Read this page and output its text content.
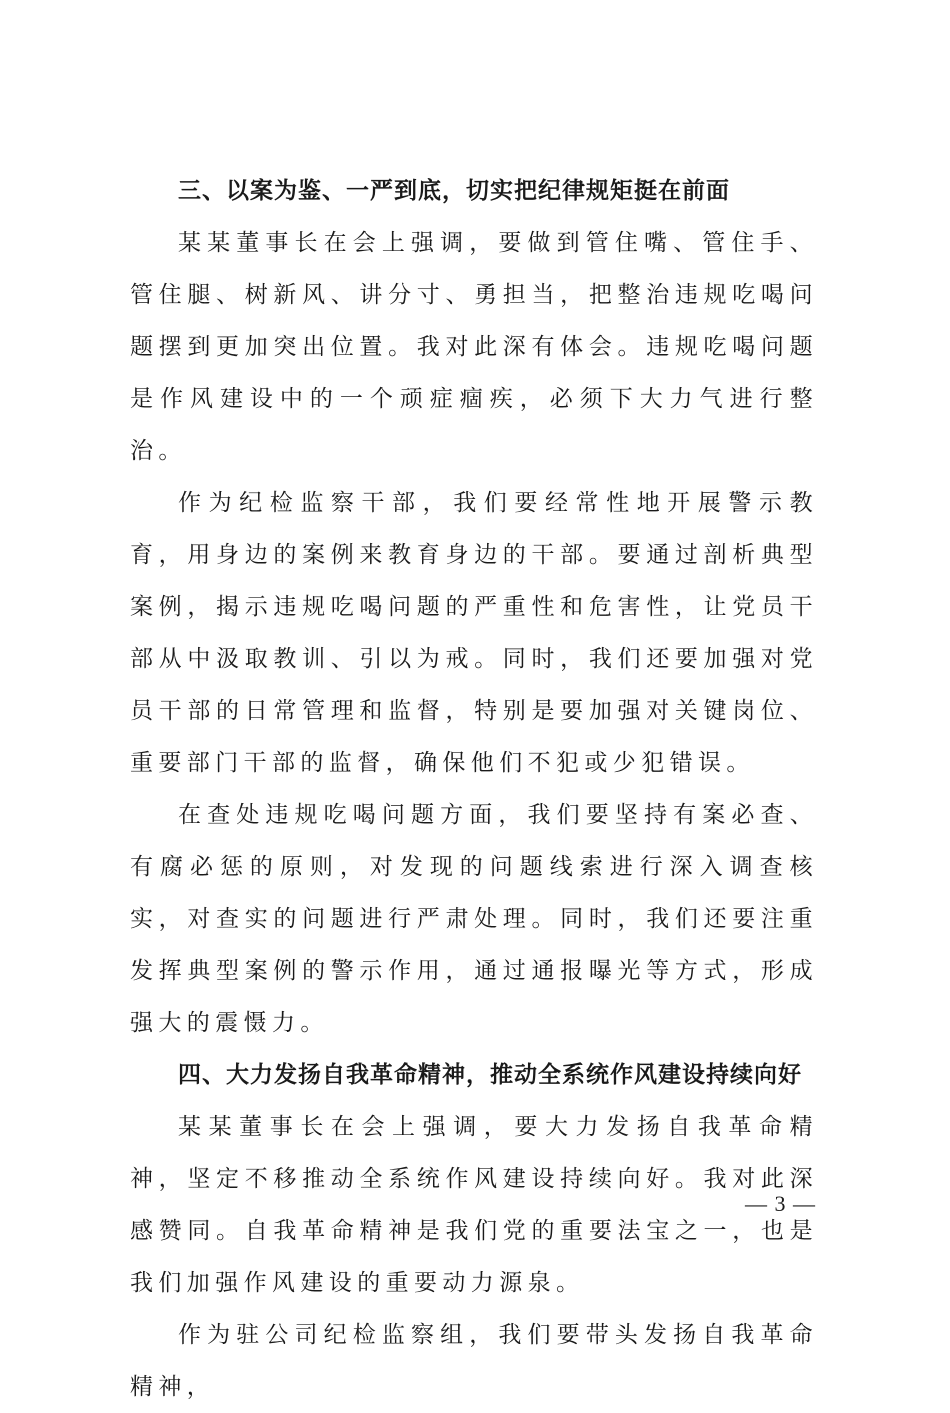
三、以案为鉴、一严到底，切实把纪律规矩挺在前面

某某董事长在会上强调，要做到管住嘴、管住手、管住腿、树新风、讲分寸、勇担当，把整治违规吃喝问题摆到更加突出位置。我对此深有体会。违规吃喝问题是作风建设中的一个顽症痼疾，必须下大力气进行整治。

作为纪检监察干部，我们要经常性地开展警示教育，用身边的案例来教育身边的干部。要通过剖析典型案例，揭示违规吃喝问题的严重性和危害性，让党员干部从中汲取教训、引以为戒。同时，我们还要加强对党员干部的日常管理和监督，特别是要加强对关键岗位、重要部门干部的监督，确保他们不犯或少犯错误。

在查处违规吃喝问题方面，我们要坚持有案必查、有腐必惩的原则，对发现的问题线索进行深入调查核实，对查实的问题进行严肃处理。同时，我们还要注重发挥典型案例的警示作用，通过通报曝光等方式，形成强大的震慑力。

四、大力发扬自我革命精神，推动全系统作风建设持续向好

某某董事长在会上强调，要大力发扬自我革命精神，坚定不移推动全系统作风建设持续向好。我对此深感赞同。自我革命精神是我们党的重要法宝之一，也是我们加强作风建设的重要动力源泉。

作为驻公司纪检监察组，我们要带头发扬自我革命精神，

— 3 —
